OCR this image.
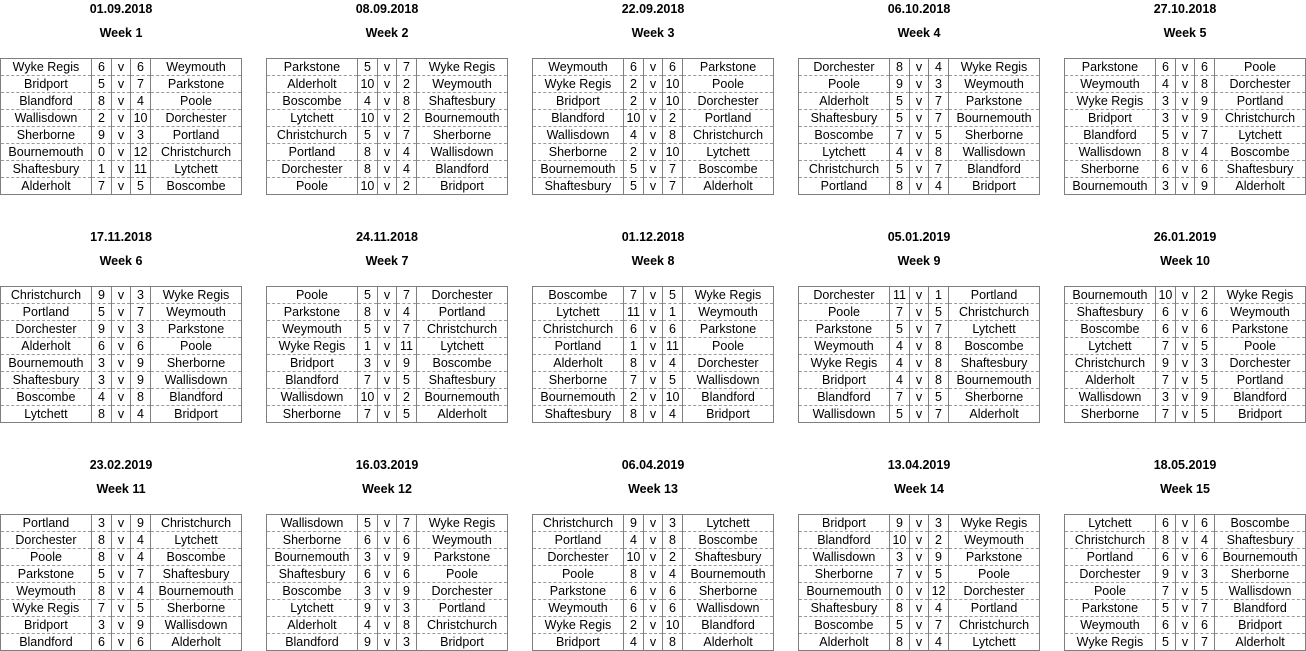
01.09.2018
Week 1
Wyke Regis	6	v	6	Weymouth
Bridport	5	v	7	Parkstone
Blandford	8	v	4	Poole
Wallisdown	2	v	10	Dorchester
Sherborne	9	v	3	Portland
Bournemouth	0	v	12	Christchurch
Shaftesbury	1	v	11	Lytchett
Alderholt	7	v	5	Boscombe
08.09.2018
Week 2
Parkstone	5	v	7	Wyke Regis
Alderholt	10	v	2	Weymouth
Boscombe	4	v	8	Shaftesbury
Lytchett	10	v	2	Bournemouth
Christchurch	5	v	7	Sherborne
Portland	8	v	4	Wallisdown
Dorchester	8	v	4	Blandford
Poole	10	v	2	Bridport
22.09.2018
Week 3
Weymouth	6	v	6	Parkstone
Wyke Regis	2	v	10	Poole
Bridport	2	v	10	Dorchester
Blandford	10	v	2	Portland
Wallisdown	4	v	8	Christchurch
Sherborne	2	v	10	Lytchett
Bournemouth	5	v	7	Boscombe
Shaftesbury	5	v	7	Alderholt
06.10.2018
Week 4
Dorchester	8	v	4	Wyke Regis
Poole	9	v	3	Weymouth
Alderholt	5	v	7	Parkstone
Shaftesbury	5	v	7	Bournemouth
Boscombe	7	v	5	Sherborne
Lytchett	4	v	8	Wallisdown
Christchurch	5	v	7	Blandford
Portland	8	v	4	Bridport
27.10.2018
Week 5
Parkstone	6	v	6	Poole
Weymouth	4	v	8	Dorchester
Wyke Regis	3	v	9	Portland
Bridport	3	v	9	Christchurch
Blandford	5	v	7	Lytchett
Wallisdown	8	v	4	Boscombe
Sherborne	6	v	6	Shaftesbury
Bournemouth	3	v	9	Alderholt
17.11.2018
Week 6
Christchurch	9	v	3	Wyke Regis
Portland	5	v	7	Weymouth
Dorchester	9	v	3	Parkstone
Alderholt	6	v	6	Poole
Bournemouth	3	v	9	Sherborne
Shaftesbury	3	v	9	Wallisdown
Boscombe	4	v	8	Blandford
Lytchett	8	v	4	Bridport
24.11.2018
Week 7
Poole	5	v	7	Dorchester
Parkstone	8	v	4	Portland
Weymouth	5	v	7	Christchurch
Wyke Regis	1	v	11	Lytchett
Bridport	3	v	9	Boscombe
Blandford	7	v	5	Shaftesbury
Wallisdown	10	v	2	Bournemouth
Sherborne	7	v	5	Alderholt
01.12.2018
Week 8
Boscombe	7	v	5	Wyke Regis
Lytchett	11	v	1	Weymouth
Christchurch	6	v	6	Parkstone
Portland	1	v	11	Poole
Alderholt	8	v	4	Dorchester
Sherborne	7	v	5	Wallisdown
Bournemouth	2	v	10	Blandford
Shaftesbury	8	v	4	Bridport
05.01.2019
Week 9
Dorchester	11	v	1	Portland
Poole	7	v	5	Christchurch
Parkstone	5	v	7	Lytchett
Weymouth	4	v	8	Boscombe
Wyke Regis	4	v	8	Shaftesbury
Bridport	4	v	8	Bournemouth
Blandford	7	v	5	Sherborne
Wallisdown	5	v	7	Alderholt
26.01.2019
Week 10
Bournemouth	10	v	2	Wyke Regis
Shaftesbury	6	v	6	Weymouth
Boscombe	6	v	6	Parkstone
Lytchett	7	v	5	Poole
Christchurch	9	v	3	Dorchester
Alderholt	7	v	5	Portland
Wallisdown	3	v	9	Blandford
Sherborne	7	v	5	Bridport
23.02.2019
Week 11
Portland	3	v	9	Christchurch
Dorchester	8	v	4	Lytchett
Poole	8	v	4	Boscombe
Parkstone	5	v	7	Shaftesbury
Weymouth	8	v	4	Bournemouth
Wyke Regis	7	v	5	Sherborne
Bridport	3	v	9	Wallisdown
Blandford	6	v	6	Alderholt
16.03.2019
Week 12
Wallisdown	5	v	7	Wyke Regis
Sherborne	6	v	6	Weymouth
Bournemouth	3	v	9	Parkstone
Shaftesbury	6	v	6	Poole
Boscombe	3	v	9	Dorchester
Lytchett	9	v	3	Portland
Alderholt	4	v	8	Christchurch
Blandford	9	v	3	Bridport
06.04.2019
Week 13
Christchurch	9	v	3	Lytchett
Portland	4	v	8	Boscombe
Dorchester	10	v	2	Shaftesbury
Poole	8	v	4	Bournemouth
Parkstone	6	v	6	Sherborne
Weymouth	6	v	6	Wallisdown
Wyke Regis	2	v	10	Blandford
Bridport	4	v	8	Alderholt
13.04.2019
Week 14
Bridport	9	v	3	Wyke Regis
Blandford	10	v	2	Weymouth
Wallisdown	3	v	9	Parkstone
Sherborne	7	v	5	Poole
Bournemouth	0	v	12	Dorchester
Shaftesbury	8	v	4	Portland
Boscombe	5	v	7	Christchurch
Alderholt	8	v	4	Lytchett
18.05.2019
Week 15
Lytchett	6	v	6	Boscombe
Christchurch	8	v	4	Shaftesbury
Portland	6	v	6	Bournemouth
Dorchester	9	v	3	Sherborne
Poole	7	v	5	Wallisdown
Parkstone	5	v	7	Blandford
Weymouth	6	v	6	Bridport
Wyke Regis	5	v	7	Alderholt
